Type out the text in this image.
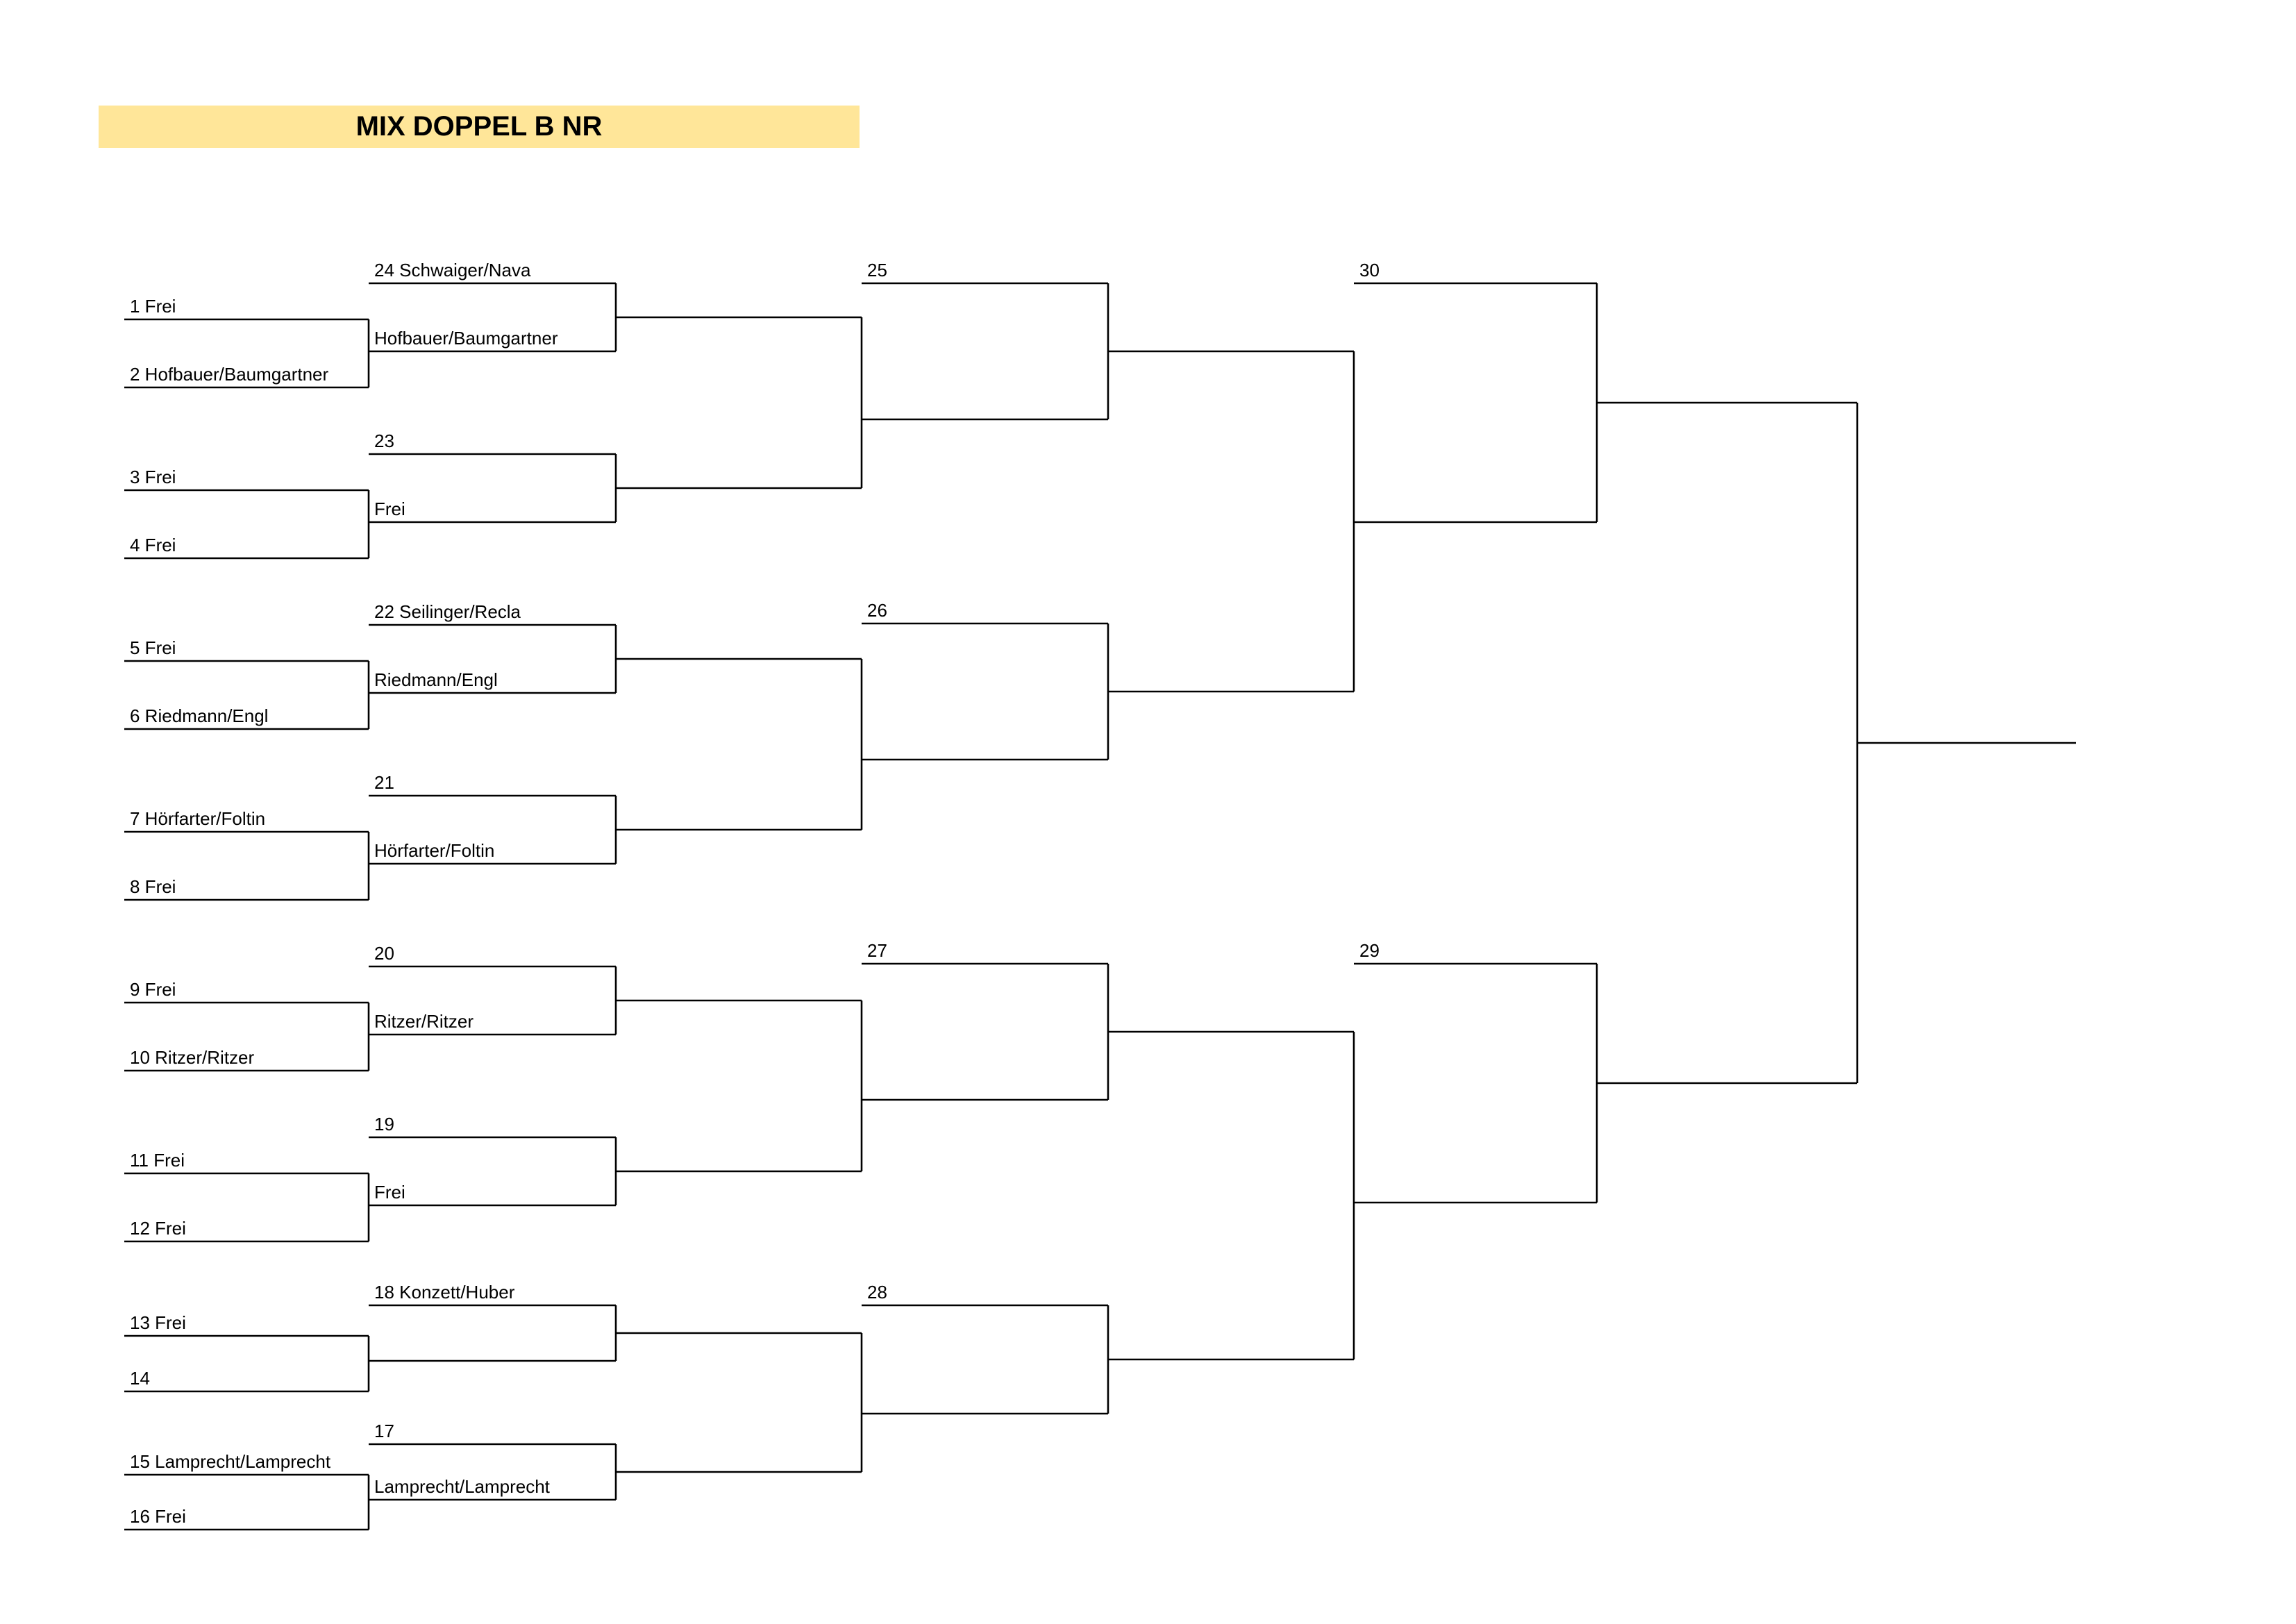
MIX DOPPEL B NR
1 Frei
2 Hofbauer/Baumgartner
3 Frei
4 Frei
5 Frei
6 Riedmann/Engl
7 Hörfarter/Foltin
8 Frei
9 Frei
10 Ritzer/Ritzer
11 Frei
12 Frei
13 Frei
14
15 Lamprecht/Lamprecht
16 Frei
24 Schwaiger/Nava
Hofbauer/Baumgartner
23
Frei
22 Seilinger/Recla
Riedmann/Engl
21
Hörfarter/Foltin
20
Ritzer/Ritzer
19
Frei
18 Konzett/Huber
17
Lamprecht/Lamprecht
25
26
27
28
30
29
